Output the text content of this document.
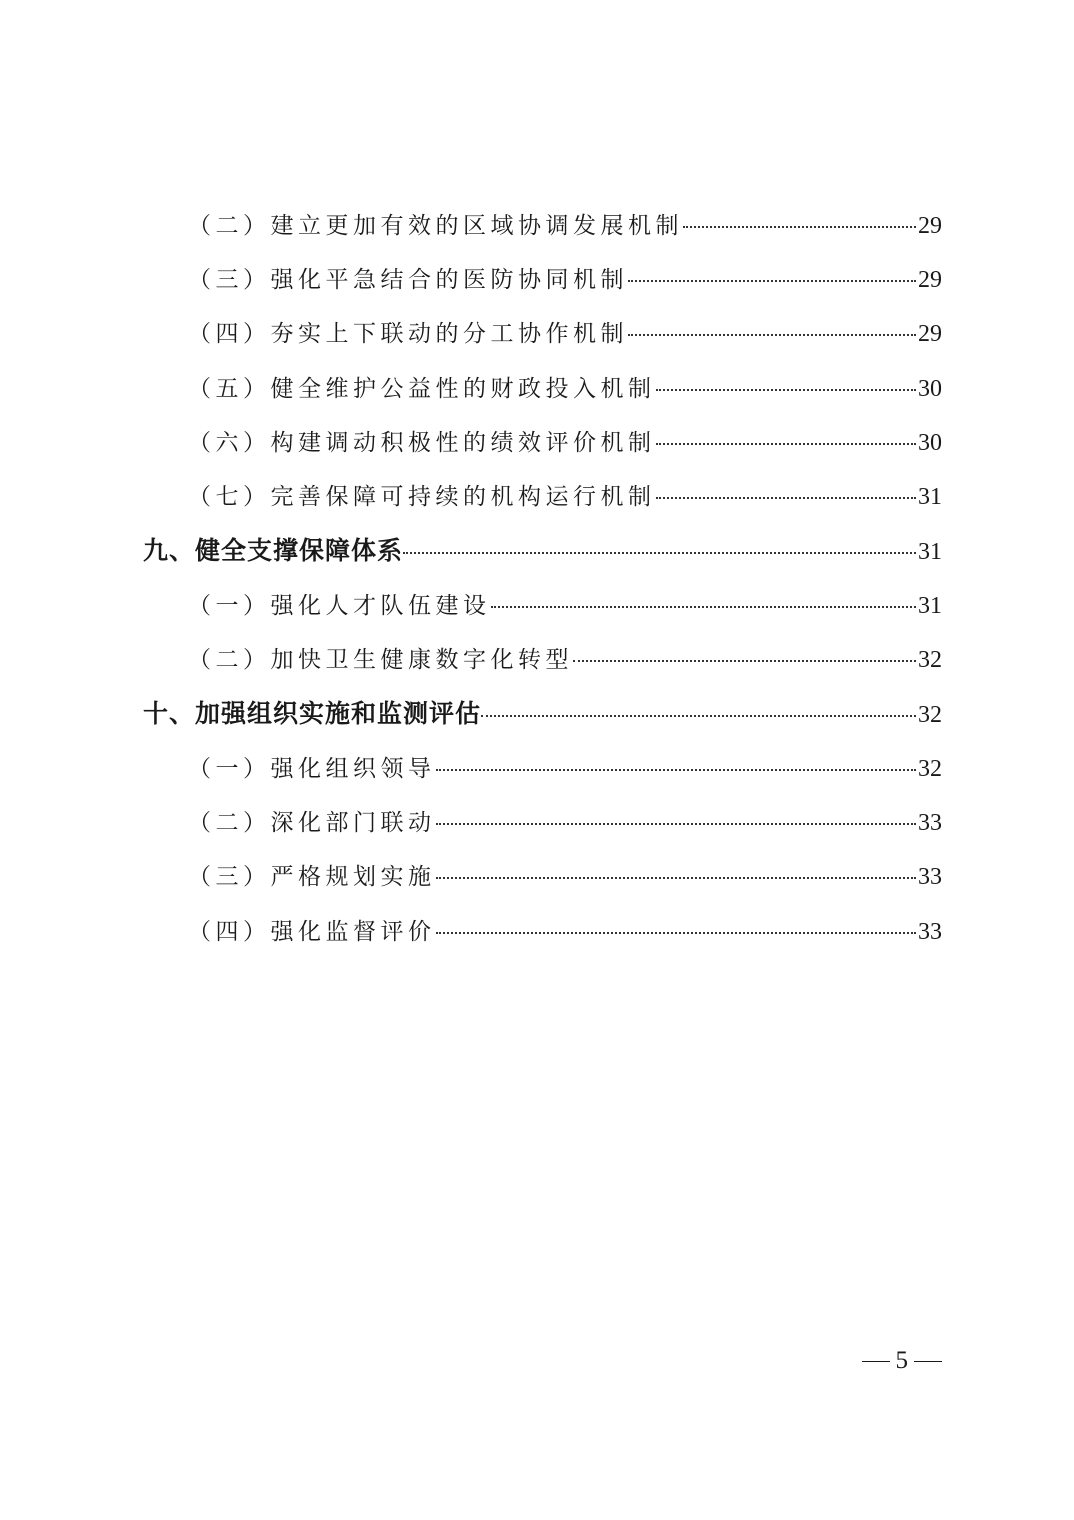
（二）建立更加有效的区域协调发展机制	29
（三）强化平急结合的医防协同机制	29
（四）夯实上下联动的分工协作机制	29
（五）健全维护公益性的财政投入机制	30
（六）构建调动积极性的绩效评价机制	30
（七）完善保障可持续的机构运行机制	31
九、健全支撑保障体系	31
（一）强化人才队伍建设	31
（二）加快卫生健康数字化转型	32
十、加强组织实施和监测评估	32
（一）强化组织领导	32
（二）深化部门联动	33
（三）严格规划实施	33
（四）强化监督评价	33
5
